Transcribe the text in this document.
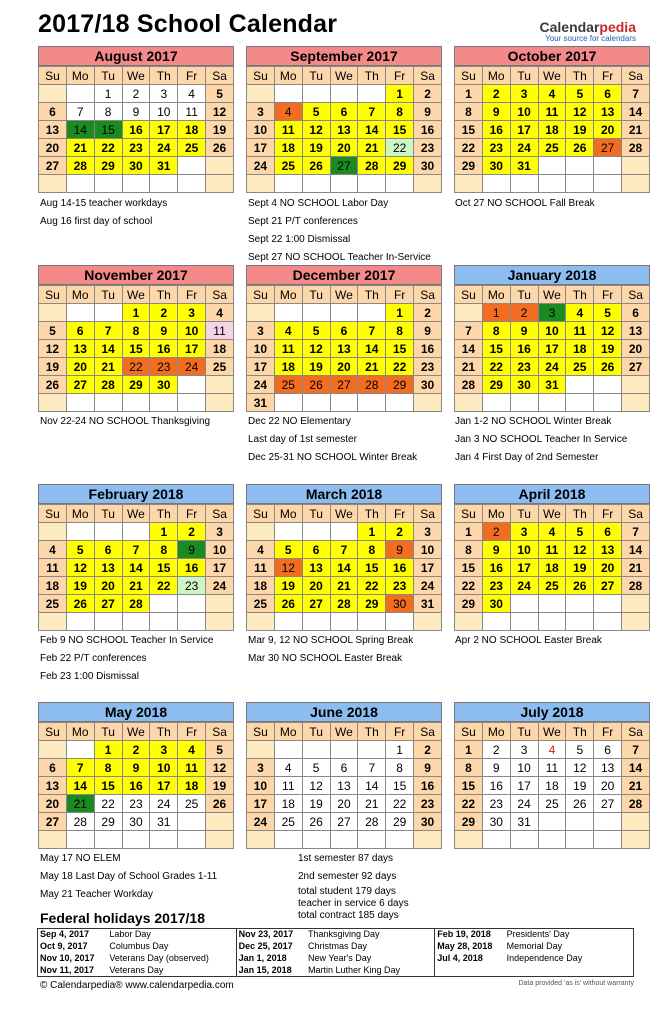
2017/18 School Calendar	Calendarpedia
Your source for calendars
August 2017
Su	Mo	Tu	We	Th	Fr	Sa
		1	2	3	4	5
6	7	8	9	10	11	12
13	14	15	16	17	18	19
20	21	22	23	24	25	26
27	28	29	30	31		

Aug 14-15 teacher workdays
Aug 16 first day of school
September 2017
Su	Mo	Tu	We	Th	Fr	Sa
					1	2
3	4	5	6	7	8	9
10	11	12	13	14	15	16
17	18	19	20	21	22	23
24	25	26	27	28	29	30

Sept 4 NO SCHOOL Labor Day
Sept 21 P/T conferences
Sept 22 1:00 Dismissal
Sept 27 NO SCHOOL Teacher In-Service
October 2017
Su	Mo	Tu	We	Th	Fr	Sa
1	2	3	4	5	6	7
8	9	10	11	12	13	14
15	16	17	18	19	20	21
22	23	24	25	26	27	28
29	30	31				

Oct 27 NO SCHOOL Fall Break
November 2017
Su	Mo	Tu	We	Th	Fr	Sa
			1	2	3	4
5	6	7	8	9	10	11
12	13	14	15	16	17	18
19	20	21	22	23	24	25
26	27	28	29	30		

Nov 22-24 NO SCHOOL Thanksgiving
December 2017
Su	Mo	Tu	We	Th	Fr	Sa
					1	2
3	4	5	6	7	8	9
10	11	12	13	14	15	16
17	18	19	20	21	22	23
24	25	26	27	28	29	30
31						
Dec 22 NO Elementary
Last day of 1st semester
Dec 25-31 NO SCHOOL Winter Break
January 2018
Su	Mo	Tu	We	Th	Fr	Sa
	1	2	3	4	5	6
7	8	9	10	11	12	13
14	15	16	17	18	19	20
21	22	23	24	25	26	27
28	29	30	31			

Jan 1-2 NO SCHOOL Winter Break
Jan 3 NO SCHOOL Teacher In Service
Jan 4 First Day of 2nd Semester
February 2018
Su	Mo	Tu	We	Th	Fr	Sa
				1	2	3
4	5	6	7	8	9	10
11	12	13	14	15	16	17
18	19	20	21	22	23	24
25	26	27	28			

Feb 9 NO SCHOOL Teacher In Service
Feb 22 P/T conferences
Feb 23 1:00 Dismissal
March 2018
Su	Mo	Tu	We	Th	Fr	Sa
				1	2	3
4	5	6	7	8	9	10
11	12	13	14	15	16	17
18	19	20	21	22	23	24
25	26	27	28	29	30	31

Mar 9, 12 NO SCHOOL Spring Break
Mar 30 NO SCHOOL Easter Break
April 2018
Su	Mo	Tu	We	Th	Fr	Sa
1	2	3	4	5	6	7
8	9	10	11	12	13	14
15	16	17	18	19	20	21
22	23	24	25	26	27	28
29	30					

Apr 2 NO SCHOOL Easter Break
May 2018
Su	Mo	Tu	We	Th	Fr	Sa
		1	2	3	4	5
6	7	8	9	10	11	12
13	14	15	16	17	18	19
20	21	22	23	24	25	26
27	28	29	30	31		

May 17 NO ELEM
May 18 Last Day of School Grades 1-11
May 21 Teacher Workday
June 2018
Su	Mo	Tu	We	Th	Fr	Sa
					1	2
3	4	5	6	7	8	9
10	11	12	13	14	15	16
17	18	19	20	21	22	23
24	25	26	27	28	29	30

1st semester 87 days
2nd semester 92 days
total student 179 days
teacher in service 6 days
total contract 185 days
July 2018
Su	Mo	Tu	We	Th	Fr	Sa
1	2	3	4	5	6	7
8	9	10	11	12	13	14
15	16	17	18	19	20	21
22	23	24	25	26	27	28
29	30	31				

Federal holidays 2017/18
Sep 4, 2017	Labor Day	Nov 23, 2017	Thanksgiving Day	Feb 19, 2018	Presidents' Day
Oct 9, 2017	Columbus Day	Dec 25, 2017	Christmas Day	May 28, 2018	Memorial Day
Nov 10, 2017	Veterans Day (observed)	Jan 1, 2018	New Year's Day	Jul 4, 2018	Independence Day
Nov 11, 2017	Veterans Day	Jan 15, 2018	Martin Luther King Day		
© Calendarpedia® www.calendarpedia.com	Data provided 'as is' without warranty
